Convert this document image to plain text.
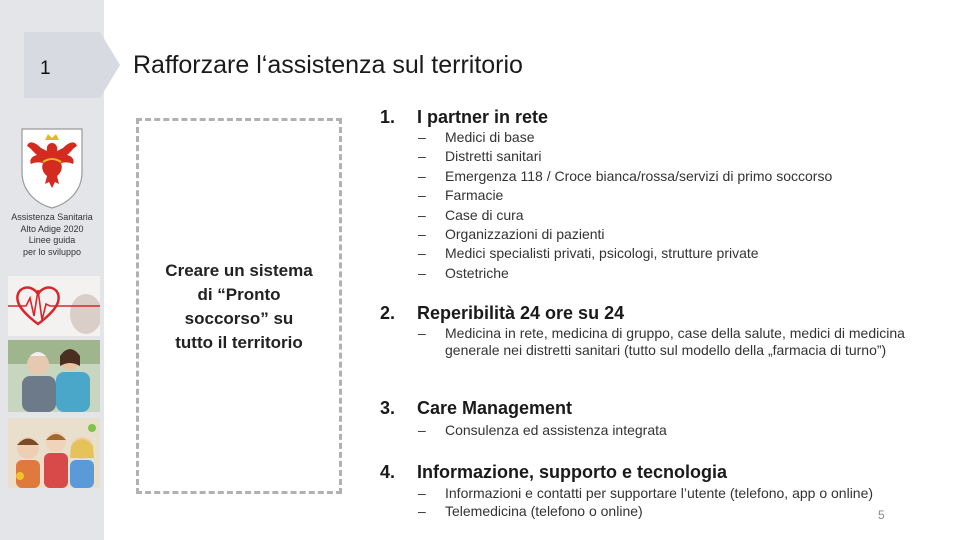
1	Rafforzare l‘assistenza sul territorio
Assistenza Sanitaria
Alto Adige 2020
Linee guida
per lo sviluppo
Creare un sistema
di “Pronto
soccorso” su
tutto il territorio
1. I partner in rete
– Medici di base
– Distretti sanitari
– Emergenza 118 / Croce bianca/rossa/servizi di primo soccorso
– Farmacie
– Case di cura
– Organizzazioni di pazienti
– Medici specialisti privati, psicologi, strutture private
– Ostetriche
2. Reperibilità 24 ore su 24
– Medicina in rete, medicina di gruppo, case della salute, medici di medicina generale nei distretti sanitari (tutto sul modello della „farmacia di turno”)
3. Care Management
– Consulenza ed assistenza integrata
4. Informazione, supporto e tecnologia
– Informazioni e contatti per supportare l’utente (telefono, app o online)
– Telemedicina (telefono o online)	5
